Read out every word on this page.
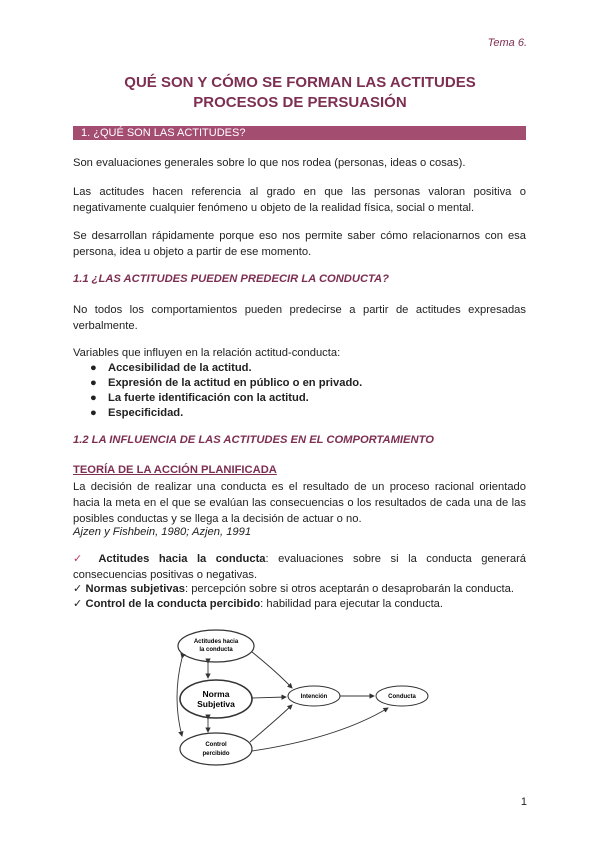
Tema 6.
QUÉ SON Y CÓMO SE FORMAN LAS ACTITUDES
PROCESOS DE PERSUASIÓN
1. ¿QUÉ SON LAS ACTITUDES?

Son evaluaciones generales sobre lo que nos rodea (personas, ideas o cosas).

Las actitudes hacen referencia al grado en que las personas valoran positiva o negativamente cualquier fenómeno u objeto de la realidad física, social o mental.

Se desarrollan rápidamente porque eso nos permite saber cómo relacionarnos con esa persona, idea u objeto a partir de ese momento.

1.1 ¿LAS ACTITUDES PUEDEN PREDECIR LA CONDUCTA?

No todos los comportamientos pueden predecirse a partir de actitudes expresadas verbalmente.

Variables que influyen en la relación actitud-conducta:

● Accesibilidad de la actitud.
● Expresión de la actitud en público o en privado.
● La fuerte identificación con la actitud.
● Especificidad.
1.2 LA INFLUENCIA DE LAS ACTITUDES EN EL COMPORTAMIENTO
TEORÍA DE LA ACCIÓN PLANIFICADA

La decisión de realizar una conducta es el resultado de un proceso racional orientado hacia la meta en el que se evalúan las consecuencias o los resultados de cada una de las posibles conductas y se llega a la decisión de actuar o no.

Ajzen y Fishbein, 1980; Azjen, 1991

✓ Actitudes hacia la conducta: evaluaciones sobre si la conducta generará consecuencias positivas o negativas.

✓ Normas subjetivas: percepción sobre si otros aceptarán o desaprobarán la conducta.

✓ Control de la conducta percibido: habilidad para ejecutar la conducta.

Actitudes hacia
la conducta
Norma
Subjetiva
Control
percibido
Intención	Conducta
1
